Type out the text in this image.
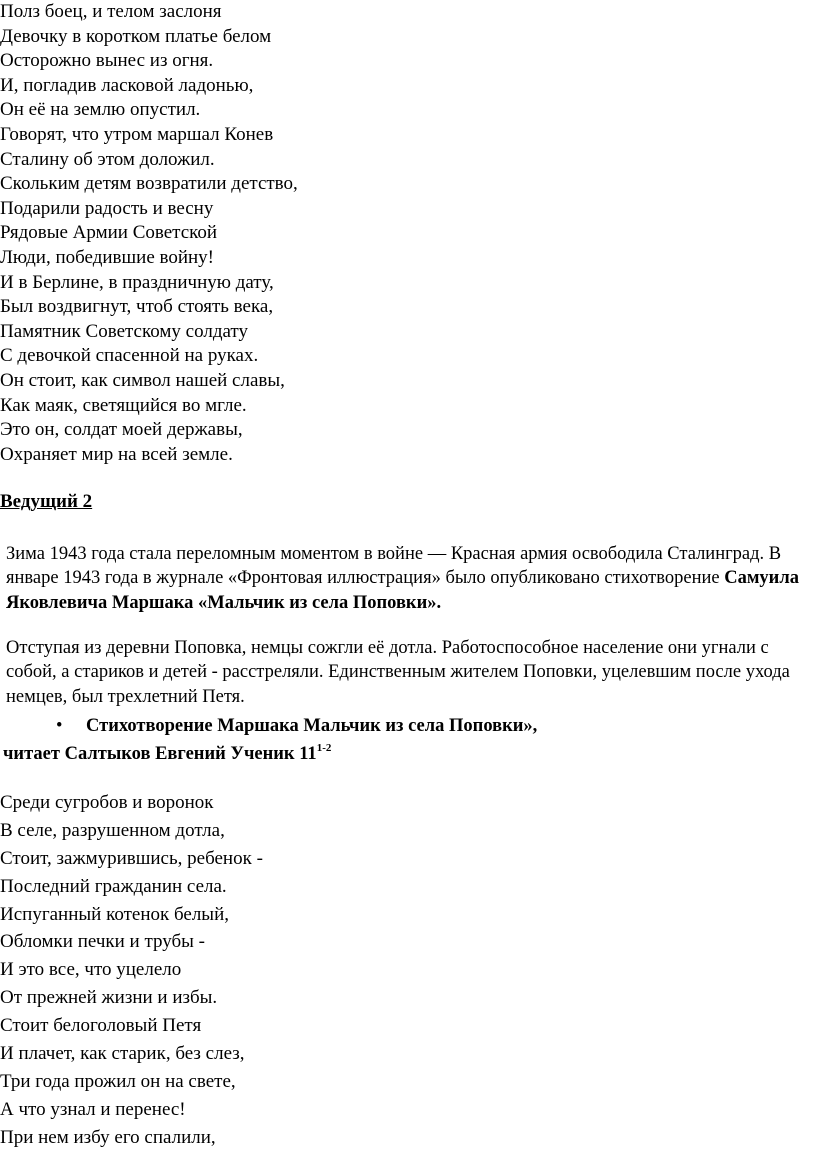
Полз боец, и телом заслоня
Девочку в коротком платье белом
Осторожно вынес из огня.
И, погладив ласковой ладонью,
Он её на землю опустил.
Говорят, что утром маршал Конев
Сталину об этом доложил.
Скольким детям возвратили детство,
Подарили радость и весну
Рядовые Армии Советской
Люди, победившие войну!
И в Берлине, в праздничную дату,
Был воздвигнут, чтоб стоять века,
Памятник Советскому солдату
С девочкой спасенной на руках.
Он стоит, как символ нашей славы,
Как маяк, светящийся во мгле.
Это он, солдат моей державы,
Охраняет мир на всей земле.
Ведущий 2
Зима 1943 года стала переломным моментом в войне — Красная армия освободила Сталинград. В январе 1943 года в журнале «Фронтовая иллюстрация» было опубликовано стихотворение Самуила Яковлевича Маршака «Мальчик из села Поповки».
Отступая из деревни Поповка, немцы сожгли её дотла. Работоспособное население они угнали с собой, а стариков и детей - расстреляли. Единственным жителем Поповки, уцелевшим после ухода немцев, был трехлетний Петя.
• Стихотворение Маршака Мальчик из села Поповки»,
читает Салтыков Евгений Ученик 11$^{1-2}$
Среди сугробов и воронок
В селе, разрушенном дотла,
Стоит, зажмурившись, ребенок -
Последний гражданин села.
Испуганный котенок белый,
Обломки печки и трубы -
И это все, что уцелело
От прежней жизни и избы.
Стоит белоголовый Петя
И плачет, как старик, без слез,
Три года прожил он на свете,
А что узнал и перенес!
При нем избу его спалили,
